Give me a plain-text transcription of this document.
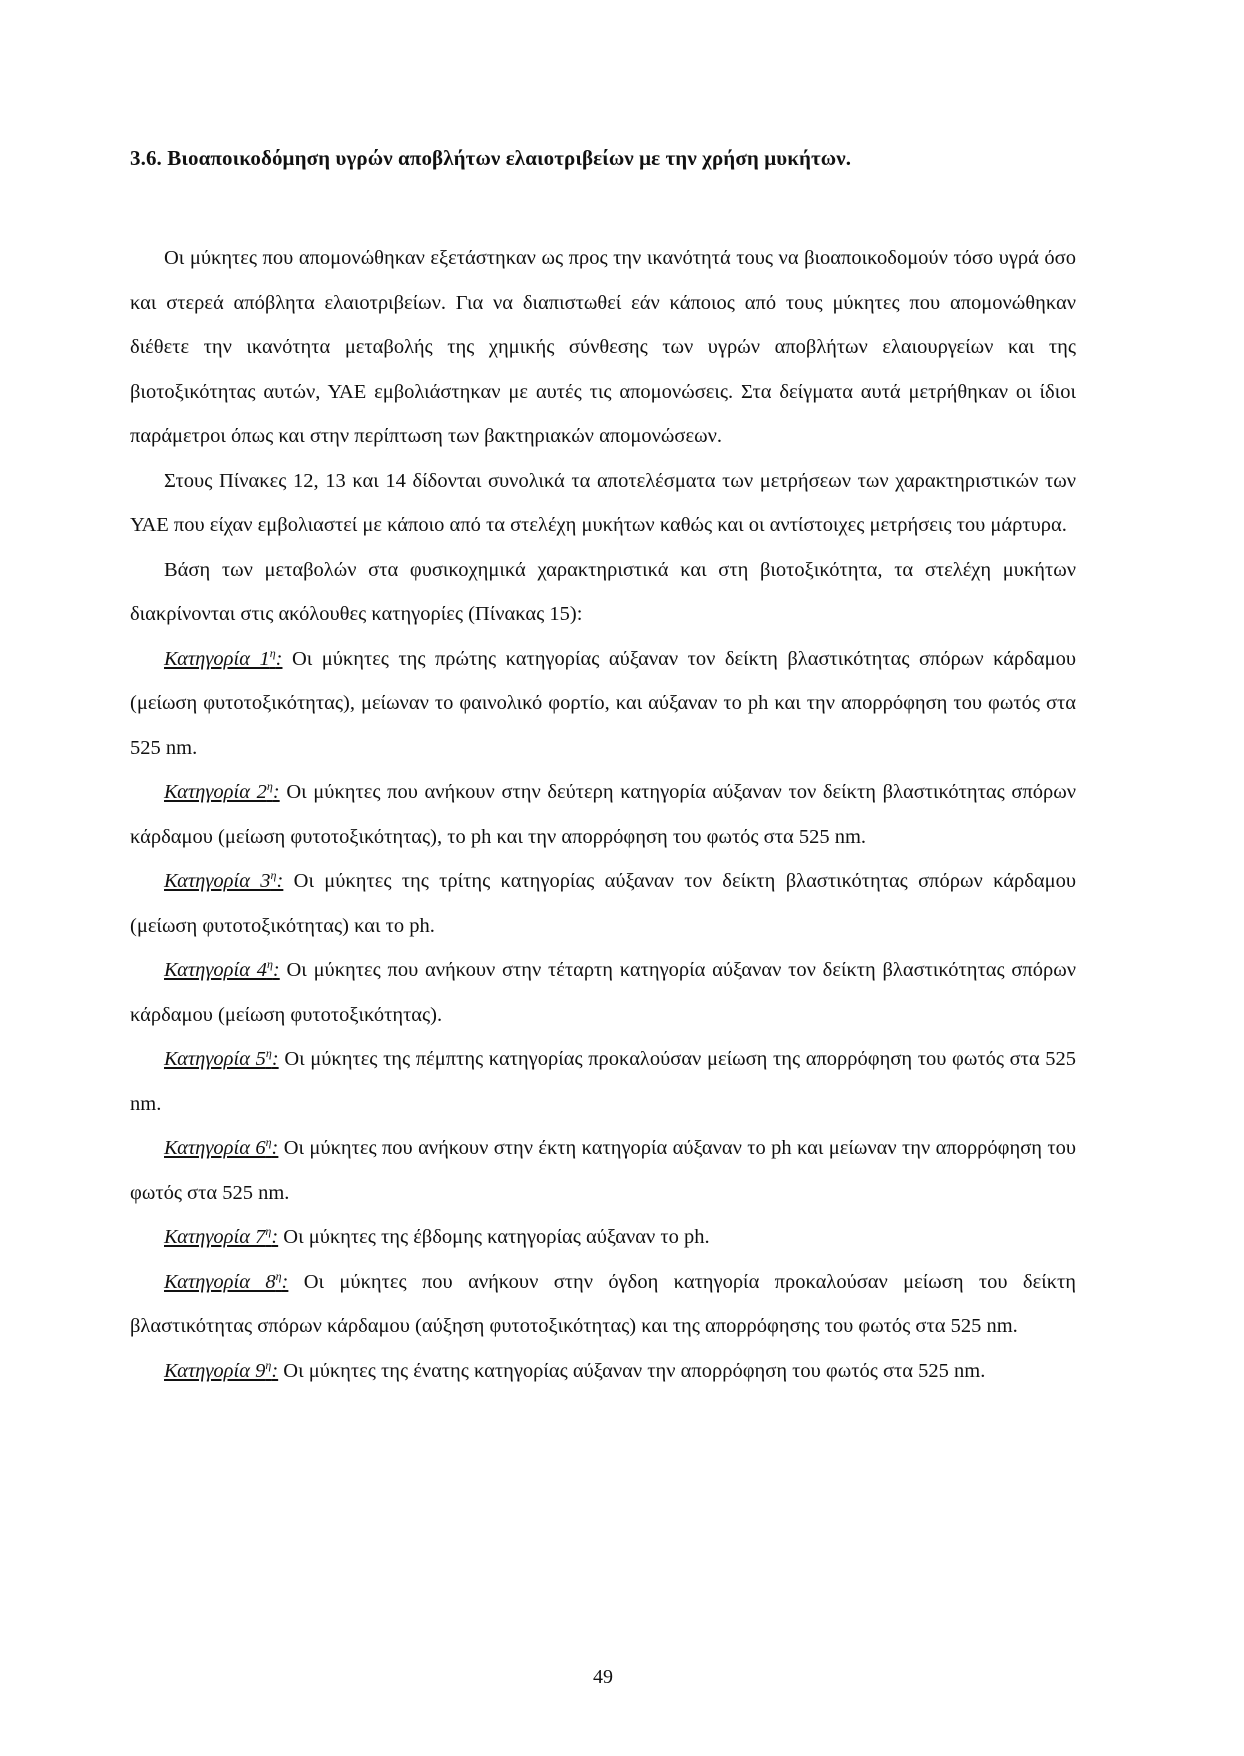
3.6. Βιοαποικοδόμηση υγρών αποβλήτων ελαιοτριβείων με την χρήση μυκήτων.

Οι μύκητες που απομονώθηκαν εξετάστηκαν ως προς την ικανότητά τους να βιοαποικοδομούν τόσο υγρά όσο και στερεά απόβλητα ελαιοτριβείων. Για να διαπιστωθεί εάν κάποιος από τους μύκητες που απομονώθηκαν διέθετε την ικανότητα μεταβολής της χημικής σύνθεσης των υγρών αποβλήτων ελαιουργείων και της βιοτοξικότητας αυτών, ΥΑΕ εμβολιάστηκαν με αυτές τις απομονώσεις. Στα δείγματα αυτά μετρήθηκαν οι ίδιοι παράμετροι όπως και στην περίπτωση των βακτηριακών απομονώσεων.

Στους Πίνακες 12, 13 και 14 δίδονται συνολικά τα αποτελέσματα των μετρήσεων των χαρακτηριστικών των ΥΑΕ που είχαν εμβολιαστεί με κάποιο από τα στελέχη μυκήτων καθώς και οι αντίστοιχες μετρήσεις του μάρτυρα.

Βάση των μεταβολών στα φυσικοχημικά χαρακτηριστικά και στη βιοτοξικότητα, τα στελέχη μυκήτων διακρίνονται στις ακόλουθες κατηγορίες (Πίνακας 15):

Κατηγορία $1^\eta$: Οι μύκητες της πρώτης κατηγορίας αύξαναν τον δείκτη βλαστικότητας σπόρων κάρδαμου (μείωση φυτοτοξικότητας), μείωναν το φαινολικό φορτίο, και αύξαναν το ph και την απορρόφηση του φωτός στα 525 nm.

Κατηγορία $2^\eta$: Οι μύκητες που ανήκουν στην δεύτερη κατηγορία αύξαναν τον δείκτη βλαστικότητας σπόρων κάρδαμου (μείωση φυτοτοξικότητας), το ph και την απορρόφηση του φωτός στα 525 nm.

Κατηγορία $3^\eta$: Οι μύκητες της τρίτης κατηγορίας αύξαναν τον δείκτη βλαστικότητας σπόρων κάρδαμου (μείωση φυτοτοξικότητας) και το ph.

Κατηγορία $4^\eta$: Οι μύκητες που ανήκουν στην τέταρτη κατηγορία αύξαναν τον δείκτη βλαστικότητας σπόρων κάρδαμου (μείωση φυτοτοξικότητας).

Κατηγορία $5^\eta$: Οι μύκητες της πέμπτης κατηγορίας προκαλούσαν μείωση της απορρόφηση του φωτός στα 525 nm.

Κατηγορία $6^\eta$: Οι μύκητες που ανήκουν στην έκτη κατηγορία αύξαναν το ph και μείωναν την απορρόφηση του φωτός στα 525 nm.

Κατηγορία $7^\eta$: Οι μύκητες της έβδομης κατηγορίας αύξαναν το ph.

Κατηγορία $8^\eta$: Οι μύκητες που ανήκουν στην όγδοη κατηγορία προκαλούσαν μείωση του δείκτη βλαστικότητας σπόρων κάρδαμου (αύξηση φυτοτοξικότητας) και της απορρόφησης του φωτός στα 525 nm.

Κατηγορία $9^\eta$: Οι μύκητες της ένατης κατηγορίας αύξαναν την απορρόφηση του φωτός στα 525 nm.

49
